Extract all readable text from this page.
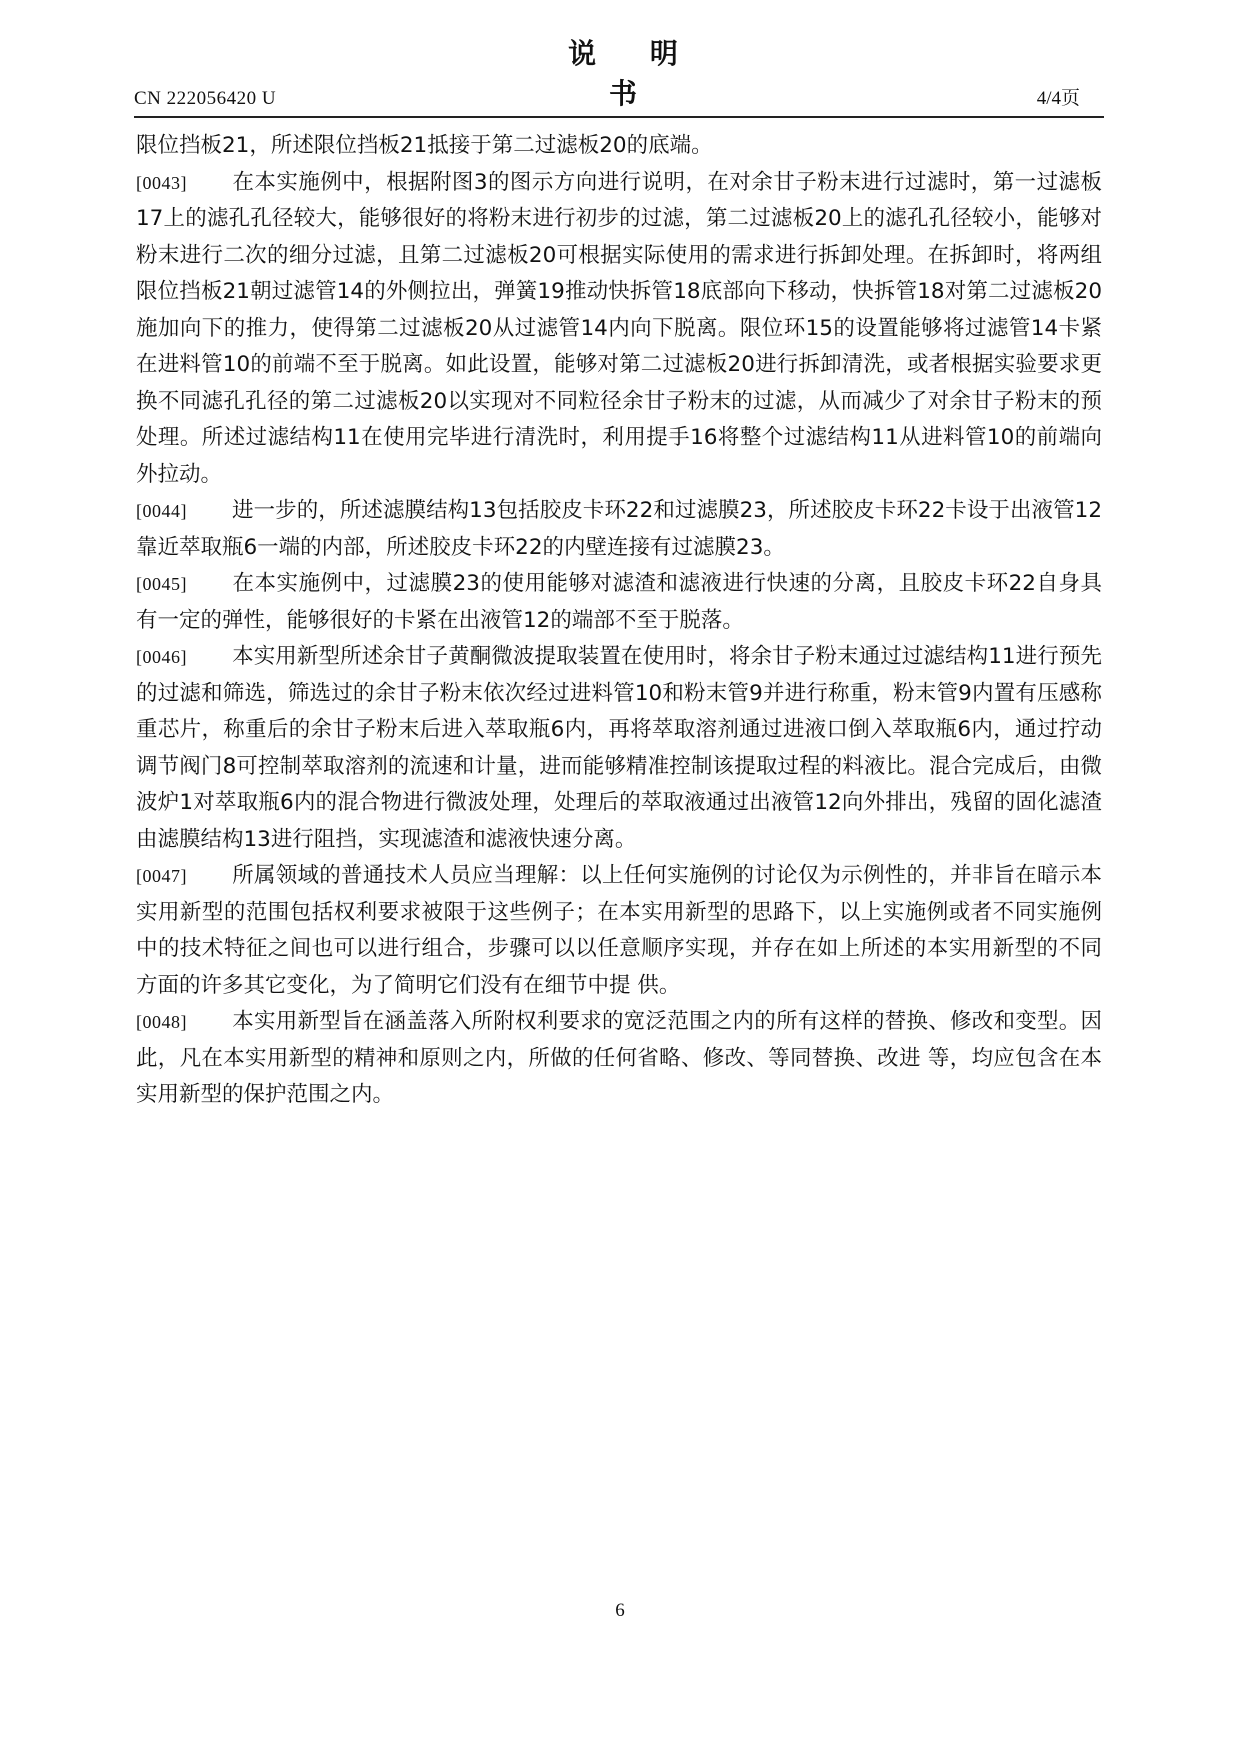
CN 222056420 U
说 明 书	4/4页

限位挡板21，所述限位挡板21抵接于第二过滤板20的底端。

[0043] 在本实施例中，根据附图3的图示方向进行说明，在对余甘子粉末进行过滤时，第一过滤板17上的滤孔孔径较大，能够很好的将粉末进行初步的过滤，第二过滤板20上的滤孔孔径较小，能够对粉末进行二次的细分过滤，且第二过滤板20可根据实际使用的需求进行拆卸处理。在拆卸时，将两组限位挡板21朝过滤管14的外侧拉出，弹簧19推动快拆管18底部向下移动，快拆管18对第二过滤板20施加向下的推力，使得第二过滤板20从过滤管14内向下脱离。限位环15的设置能够将过滤管14卡紧在进料管10的前端不至于脱离。如此设置，能够对第二过滤板20进行拆卸清洗，或者根据实验要求更换不同滤孔孔径的第二过滤板20以实现对不同粒径余甘子粉末的过滤，从而减少了对余甘子粉末的预处理。所述过滤结构11在使用完毕进行清洗时，利用提手16将整个过滤结构11从进料管10的前端向外拉动。

[0044] 进一步的，所述滤膜结构13包括胶皮卡环22和过滤膜23，所述胶皮卡环22卡设于出液管12靠近萃取瓶6一端的内部，所述胶皮卡环22的内壁连接有过滤膜23。

[0045] 在本实施例中，过滤膜23的使用能够对滤渣和滤液进行快速的分离，且胶皮卡环22自身具有一定的弹性，能够很好的卡紧在出液管12的端部不至于脱落。

[0046] 本实用新型所述余甘子黄酮微波提取装置在使用时，将余甘子粉末通过过滤结构11进行预先的过滤和筛选，筛选过的余甘子粉末依次经过进料管10和粉末管9并进行称重，粉末管9内置有压感称重芯片，称重后的余甘子粉末后进入萃取瓶6内，再将萃取溶剂通过进液口倒入萃取瓶6内，通过拧动调节阀门8可控制萃取溶剂的流速和计量，进而能够精准控制该提取过程的料液比。混合完成后，由微波炉1对萃取瓶6内的混合物进行微波处理，处理后的萃取液通过出液管12向外排出，残留的固化滤渣由滤膜结构13进行阻挡，实现滤渣和滤液快速分离。

[0047] 所属领域的普通技术人员应当理解：以上任何实施例的讨论仅为示例性的，并非旨在暗示本实用新型的范围包括权利要求被限于这些例子；在本实用新型的思路下，以上实施例或者不同实施例中的技术特征之间也可以进行组合，步骤可以以任意顺序实现，并存在如上所述的本实用新型的不同方面的许多其它变化，为了简明它们没有在细节中提 供。

[0048] 本实用新型旨在涵盖落入所附权利要求的宽泛范围之内的所有这样的替换、修改和变型。因此，凡在本实用新型的精神和原则之内，所做的任何省略、修改、等同替换、改进 等，均应包含在本实用新型的保护范围之内。

6
